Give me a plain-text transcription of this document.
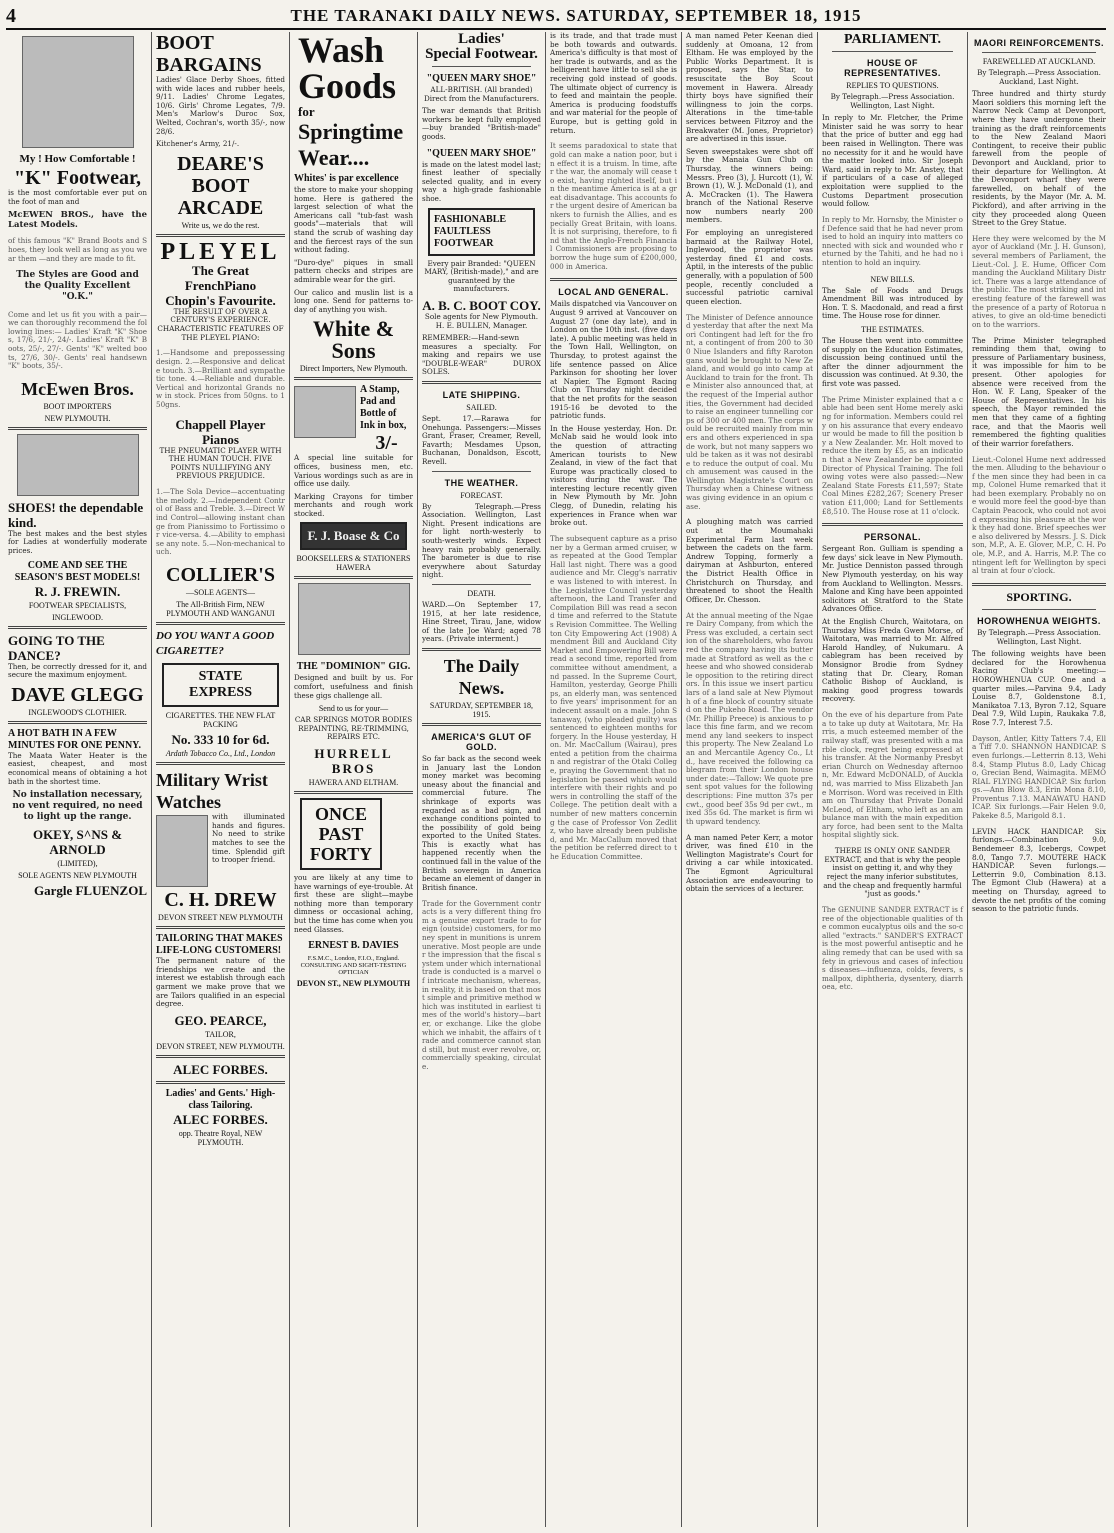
4	THE TARANAKI DAILY NEWS. SATURDAY, SEPTEMBER 18, 1915
My ! How Comfortable !
"K" Footwear,

is the most comfortable ever put on the foot of man and

McEWEN BROS., have the Latest Models.

of this famous "K" Brand Boots and Shoes, they look well as long as you wear them —and they are made to fit.

The Styles are Good and the Quality Excellent "O.K."

Come and let us fit you with a pair—we can thoroughly recommend the following lines:— Ladies' Kraft "K" Shoes, 17/6, 21/-, 24/-. Ladies' Kraft "K" Boots, 25/-, 27/-. Gents' "K" welted boots, 27/6, 30/-. Gents' real handsewn "K" boots, 35/-.

McEwen Bros.
BOOT IMPORTERS
NEW PLYMOUTH.
SHOES! the dependable kind.

The best makes and the best styles for Ladies at wonderfully moderate prices.

COME AND SEE THE SEASON'S BEST MODELS!
R. J. FREWIN.
FOOTWEAR SPECIALISTS,
INGLEWOOD.
GOING TO THE DANCE?

Then, be correctly dressed for it, and secure the maximum enjoyment.

DAVE GLEGG
INGLEWOOD'S CLOTHIER.
A HOT BATH IN A FEW MINUTES FOR ONE PENNY.

The Maata Water Heater is the easiest, cheapest, and most economical means of obtaining a hot bath in the shortest time.

No installation necessary, no vent required, no need to light up the range.

OKEY, S^NS & ARNOLD
(LIMITED),
SOLE AGENTS NEW PLYMOUTH
Gargle FLUENZOL
BOOT BARGAINS

Ladies' Glace Derby Shoes, fitted with wide laces and rubber heels, 9/11. Ladies' Chrome Legates, 10/6. Girls' Chrome Legates, 7/9. Men's Marlow's Duroc Sox, Welted, Cochran's, worth 35/-, now 28/6.

Kitchener's Army, 21/-.

DEARE'S BOOT ARCADE
Write us, we do the rest.
PLEYEL
The Great FrenchPiano
Chopin's Favourite.

THE RESULT OF OVER A CENTURY'S EXPERIENCE. CHARACTERISTIC FEATURES OF THE PLEYEL PIANO:

1.—Handsome and prepossessing design. 2.—Responsive and delicate touch. 3.—Brilliant and sympathetic tone. 4.—Reliable and durable. Vertical and horizontal Grands now in stock. Prices from 50gns. to 150gns.

Chappell Player Pianos

THE PNEUMATIC PLAYER WITH THE HUMAN TOUCH. FIVE POINTS NULLIFYING ANY PREVIOUS PREJUDICE.

1.—The Sola Device—accentuating the melody. 2.—Independent Control of Bass and Treble. 3.—Direct Wind Control—allowing instant change from Pianissimo to Fortissimo or vice-versa. 4.—Ability to emphasise any note. 5.—Non-mechanical touch.

COLLIER'S
—SOLE AGENTS—
The All-British Firm, NEW PLYMOUTH AND WANGANUI
DO YOU WANT A GOOD CIGARETTE?
STATE EXPRESS
CIGARETTES. THE NEW FLAT PACKING
No. 333 10 for 6d.
Ardath Tobacco Co., Ltd., London
Military Wrist Watches

with illuminated hands and figures. No need to strike matches to see the time. Splendid gift to trooper friend.

C. H. DREW
DEVON STREET NEW PLYMOUTH
TAILORING THAT MAKES LIFE-LONG CUSTOMERS!

The permanent nature of the friendships we create and the interest we establish through each garment we make prove that we are Tailors qualified in an especial degree.

GEO. PEARCE,
TAILOR,
DEVON STREET, NEW PLYMOUTH.
ALEC FORBES.
Ladies' and Gents.' High-class Tailoring.
ALEC FORBES.
opp. Theatre Royal, NEW PLYMOUTH.
Wash
Goods
for
Springtime Wear....
Whites' is par excellence

the store to make your shopping home. Here is gathered the largest selection of what the Americans call "tub-fast wash goods"—materials that will stand the scrub of washing day and the fiercest rays of the sun without fading.

"Duro-dye" piques in small pattern checks and stripes are admirable wear for the girl.

Our calico and muslin list is a long one. Send for patterns to-day of anything you wish.

White & Sons
Direct Importers, New Plymouth.
A Stamp, Pad and Bottle of Ink in box,
3/-

A special line suitable for offices, business men, etc. Various wordings such as are in office use daily.

Marking Crayons for timber merchants and rough work stocked.

F. J. Boase & Co
BOOKSELLERS & STATIONERS HAWERA
THE "DOMINION" GIG.

Designed and built by us. For comfort, usefulness and finish these gigs challenge all.

Send to us for your—

CAR SPRINGS MOTOR BODIES REPAINTING, RE-TRIMMING, REPAIRS ETC.

HURRELL BROS
HAWERA AND ELTHAM.
ONCE PAST FORTY

you are likely at any time to have warnings of eye-trouble. At first these are slight—maybe nothing more than temporary dimness or occasional aching, but the time has come when you need Glasses.

ERNEST B. DAVIES
F.S.M.C., London, F.I.O., England. CONSULTING AND SIGHT-TESTING OPTICIAN
DEVON ST., NEW PLYMOUTH
Ladies'
Special Footwear.
"QUEEN MARY SHOE"

ALL-BRITISH. (All branded) Direct from the Manufacturers.

The war demands that British workers be kept fully employed—buy branded "British-made" goods.

"QUEEN MARY SHOE"

is made on the latest model last; finest leather of specially selected quality, and in every way a high-grade fashionable shoe.

FASHIONABLE FAULTLESS FOOTWEAR

Every pair Branded: "QUEEN MARY, (British-made)," and are guaranteed by the manufacturers.

A. B. C. BOOT COY.

Sole agents for New Plymouth. H. E. BULLEN, Manager.

REMEMBER:—Hand-sewn measures a specialty. For making and repairs we use "DOUBLE-WEAR" DUROX SOLES.

LATE SHIPPING.
SAILED.

Sept. 17.—Rarawa for Onehunga. Passengers:—Misses Grant, Fraser, Creamer, Revell, Favarth; Mesdames Upson, Buchanan, Donaldson, Escott, Revell.

THE WEATHER.
FORECAST.

By Telegraph.—Press Association. Wellington, Last Night. Present indications are for light north-westerly to south-westerly winds. Expect heavy rain probably generally. The barometer is due to rise everywhere about Saturday night.

DEATH.

WARD.—On September 17, 1915, at her late residence, Hine Street, Tirau, Jane, widow of the late Joe Ward; aged 78 years. (Private interment.)

The Daily News.
SATURDAY, SEPTEMBER 18, 1915.
AMERICA'S GLUT OF GOLD.

So far back as the second week in January last the London money market was becoming uneasy about the financial and commercial future. The shrinkage of exports was regarded as a bad sign, and exchange conditions pointed to the possibility of gold being exported to the United States. This is exactly what has happened recently when the continued fall in the value of the British sovereign in America became an element of danger in British finance.

Trade for the Government contracts is a very different thing from a genuine export trade to foreign (outside) customers, for money spent in munitions is unremunerative. Most people are under the impression that the fiscal system under which international trade is conducted is a marvel of intricate mechanism, whereas, in reality, it is based on that most simple and primitive method which was instituted in earliest times of the world's history—barter, or exchange. Like the globe which we inhabit, the affairs of trade and commerce cannot stand still, but must ever revolve, or, commercially speaking, circulate.

is its trade, and that trade must be both towards and outwards. America's difficulty is that most of her trade is outwards, and as the belligerent have little to sell she is receiving gold instead of goods. The ultimate object of currency is to feed and maintain the people. America is producing foodstuffs and war material for the people of Europe, but is getting gold in return.

It seems paradoxical to state that gold can make a nation poor, but in effect it is a truism. In time, after the war, the anomaly will cease to exist, having righted itself, but in the meantime America is at a great disadvantage. This accounts for the urgent desire of American bankers to furnish the Allies, and especially Great Britain, with loans. It is not surprising, therefore, to find that the Anglo-French Financial Commissioners are proposing to borrow the huge sum of £200,000,000 in America.

LOCAL AND GENERAL.

Mails dispatched via Vancouver on August 9 arrived at Vancouver on August 27 (one day late), and in London on the 10th inst. (five days late). A public meeting was held in the Town Hall, Wellington, on Thursday, to protest against the life sentence passed on Alice Parkinson for shooting her lover at Napier. The Egmont Racing Club on Thursday night decided that the net profits for the season 1915-16 be devoted to the patriotic funds.

In the House yesterday, Hon. Dr. McNab said he would look into the question of attracting American tourists to New Zealand, in view of the fact that Europe was practically closed to visitors during the war. The interesting lecture recently given in New Plymouth by Mr. John Clegg, of Dunedin, relating his experiences in France when war broke out.

The subsequent capture as a prisoner by a German armed cruiser, was repeated at the Good Templar Hall last night. There was a good audience and Mr. Clegg's narrative was listened to with interest. In the Legislative Council yesterday afternoon, the Land Transfer and Compilation Bill was read a second time and referred to the Statutes Revision Committee. The Wellington City Empowering Act (1908) Amendment Bill and Auckland City Market and Empowering Bill were read a second time, reported from committee without amendment, and passed. In the Supreme Court, Hamilton, yesterday, George Phillips, an elderly man, was sentenced to five years' imprisonment for an indecent assault on a male. John Stanaway, (who pleaded guilty) was sentenced to eighteen months for forgery. In the House yesterday, Hon. Mr. MacCallum (Wairau), presented a petition from the chairman and registrar of the Otaki College, praying the Government that no legislation be passed which would interfere with their rights and powers in controlling the staff of the College. The petition dealt with a number of new matters concerning the case of Professor Von Zedlitz, who have already been published, and Mr. MacCallum moved that the petition be referred direct to the Education Committee.

A man named Peter Keenan died suddenly at Omoana, 12 from Eltham. He was employed by the Public Works Department. It is proposed, says the Star, to resuscitate the Boy Scout movement in Hawera. Already thirty boys have signified their willingness to join the corps. Alterations in the time-table services between Fitzroy and the Breakwater (M. Jones, Proprietor) are advertised in this issue.

Seven sweepstakes were shot off by the Manaia Gun Club on Thursday, the winners being: Messrs. Preo (3), J. Hurcott (1), W. Brown (1), W. J. McDonald (1), and A. McCracken (1). The Hawera branch of the National Reserve now numbers nearly 200 members.

For employing an unregistered barmaid at the Railway Hotel, Inglewood, the proprietor was yesterday fined £1 and costs. Aptil, in the interests of the public generally, with a population of 500 people, recently concluded a successful patriotic carnival queen election.

The Minister of Defence announced yesterday that after the next Maori Contingent had left for the front, a contingent of from 200 to 300 Niue Islanders and fifty Rarotongans would be brought to New Zealand, and would go into camp at Auckland to train for the front. The Minister also announced that, at the request of the Imperial authorities, the Government had decided to raise an engineer tunnelling corps of 300 or 400 men. The corps would be recruited mainly from miners and others experienced in spade work, but not many sappers would be taken as it was not desirable to reduce the output of coal. Much amusement was caused in the Wellington Magistrate's Court on Thursday when a Chinese witness was giving evidence in an opium case.

A ploughing match was carried out at the Moumahaki Experimental Farm last week between the cadets on the farm. Andrew Topping, formerly a dairyman at Ashburton, entered the District Health Office in Christchurch on Thursday, and threatened to shoot the Health Officer, Dr. Chesson.

At the annual meeting of the Ngaere Dairy Company, from which the Press was excluded, a certain section of the shareholders, who favoured the company having its butter made at Stratford as well as the cheese and who showed considerable opposition to the retiring directors. In this issue we insert particulars of a land sale at New Plymouth of a fine block of country situated on the Pukeho Road. The vendor (Mr. Phillip Preece) is anxious to place this fine farm, and we recommend any land seekers to inspect this property. The New Zealand Loan and Mercantile Agency Co., Ltd., have received the following cablegram from their London house under date:—Tallow: We quote present spot values for the following descriptions: Fine mutton 37s per cwt., good beef 35s 9d per cwt., mixed 35s 6d. The market is firm with upward tendency.

A man named Peter Kerr, a motor driver, was fined £10 in the Wellington Magistrate's Court for driving a car while intoxicated. The Egmont Agricultural Association are endeavouring to obtain the services of a lecturer.

PARLIAMENT.
HOUSE OF REPRESENTATIVES.
REPLIES TO QUESTIONS.

By Telegraph.—Press Association. Wellington, Last Night.

In reply to Mr. Fletcher, the Prime Minister said he was sorry to hear that the price of butter and egg had been raised in Wellington. There was no necessity for it and he would have the matter looked into. Sir Joseph Ward, said in reply to Mr. Anstey, that if particulars of a case of alleged exploitation were supplied to the Customs Department prosecution would follow.

In reply to Mr. Hornsby, the Minister of Defence said that he had never promised to hold an inquiry into matters connected with sick and wounded who returned by the Tahiti, and he had no intention to hold an inquiry.

NEW BILLS.

The Sale of Foods and Drugs Amendment Bill was introduced by Hon. T. S. Macdonald, and read a first time. The House rose for dinner.

THE ESTIMATES.

The House then went into committee of supply on the Education Estimates, discussion being continued until the after the dinner adjournment the discussion was continued. At 9.30, the first vote was passed.

The Prime Minister explained that a cable had been sent Home merely asking for information. Members could rely on his assurance that every endeavour would be made to fill the position by a New Zealander. Mr. Holt moved to reduce the item by £5, as an indication that a New Zealander be appointed Director of Physical Training. The following votes were also passed:—New Zealand State Forests £11,597; State Coal Mines £282,267; Scenery Preservation £11,000; Land for Settlements £8,510. The House rose at 11 o'clock.

PERSONAL.

Sergeant Ron. Gulliam is spending a few days' sick leave in New Plymouth. Mr. Justice Denniston passed through New Plymouth yesterday, on his way from Auckland to Wellington. Messrs. Malone and King have been appointed solicitors at Stratford to the State Advances Office.

At the English Church, Waitotara, on Thursday Miss Freda Gwen Morse, of Waitotara, was married to Mr. Alfred Harold Handley, of Nukumaru. A cablegram has been received by Monsignor Brodie from Sydney stating that Dr. Cleary, Roman Catholic Bishop of Auckland, is making good progress towards recovery.

On the eve of his departure from Patea to take up duty at Waitotara, Mr. Harris, a much esteemed member of the railway staff, was presented with a marble clock, regret being expressed at his transfer. At the Normanby Presbyterian Church on Wednesday afternoon, Mr. Edward McDONALD, of Auckland, was married to Miss Elizabeth Jane Morrison. Word was received in Eltham on Thursday that Private Donald McLeod, of Eltham, who left as an ambulance man with the main expeditionary force, had been sent to the Malta hospital slightly sick.

THERE IS ONLY ONE SANDER EXTRACT, and that is why the people insist on getting it, and why they reject the many inferior substitutes, and the cheap and frequently harmful "just as goods."

The GENUINE SANDER EXTRACT is free of the objectionable qualities of the common eucalyptus oils and the so-called "extracts." SANDER'S EXTRACT is the most powerful antiseptic and healing remedy that can be used with safety in grievous and cases of infectious diseases—influenza, colds, fevers, smallpox, diphtheria, dysentery, diarrhoea, etc.

MAORI REINFORCEMENTS.
FAREWELLED AT AUCKLAND.

By Telegraph.—Press Association. Auckland, Last Night.

Three hundred and thirty sturdy Maori soldiers this morning left the Narrow Neck Camp at Devonport, where they have undergone their training as the draft reinforcements to the New Zealand Maori Contingent, to receive their public farewell from the people of Devonport and Auckland, prior to their departure for Wellington. At the Devonport wharf they were farewelled, on behalf of the residents, by the Mayor (Mr. A. M. Pickford), and after arriving in the city they proceeded along Queen Street to the Grey Statue.

Here they were welcomed by the Mayor of Auckland (Mr. J. H. Gunson), several members of Parliament, the Lieut.-Col. J. E. Hume, Officer Commanding the Auckland Military District. There was a large attendance of the public. The most striking and interesting feature of the farewell was the presence of a party of Rotorua natives, to give an old-time benediction to the warriors.

The Prime Minister telegraphed reminding them that, owing to pressure of Parliamentary business, it was impossible for him to be present. Other apologies for absence were received from the Hon. W. F. Lang, Speaker of the House of Representatives. In his speech, the Mayor reminded the men that they came of a fighting race, and that the Maoris well remembered the fighting qualities of their warrior forefathers.

Lieut.-Colonel Hume next addressed the men. Alluding to the behaviour of the men since they had been in camp, Colonel Hume remarked that it had been exemplary. Probably no one would more feel the good-bye than Captain Peacock, who could not avoid expressing his pleasure at the work they had done. Brief speeches were also delivered by Messrs. J. S. Dickson, M.P., A. E. Glover, M.P., C. H. Poole, M.P., and A. Harris, M.P. The contingent left for Wellington by special train at four o'clock.

SPORTING.
HOROWHENUA WEIGHTS.

By Telegraph.—Press Association. Wellington, Last Night.

The following weights have been declared for the Horowhenua Racing Club's meeting:— HOROWHENUA CUP. One and a quarter miles.—Parvina 9.4, Lady Louise 8.7, Goldenstone 8.1, Manikatoa 7.13, Byron 7.12, Square Deal 7.9, Wild Lupin, Raukaka 7.8, Rose 7.7, Interest 7.5.

Dayson, Antler, Kitty Tatters 7.4, Ella Tiff 7.0. SHANNON HANDICAP. Seven furlongs.—Letterrin 8.13, Wehi 8.4, Stamp Plutus 8.0, Lady Chicago, Grecian Bend, Waimagita. MEMORIAL FLYING HANDICAP. Six furlongs.—Ann Blow 8.3, Erin Mona 8.10, Proventus 7.13. MANAWATU HANDICAP. Six furlongs.—Fair Helen 9.0, Pakeke 8.5, Marigold 8.1.

LEVIN HACK HANDICAP. Six furlongs.—Combination 9.0, Bendemeer 8.3, Icebergs, Cowpet 8.0, Tango 7.7. MOUTERE HACK HANDICAP. Seven furlongs.—Letterrin 9.0, Combination 8.13. The Egmont Club (Hawera) at a meeting on Thursday, agreed to devote the net profits of the coming season to the patriotic funds.
